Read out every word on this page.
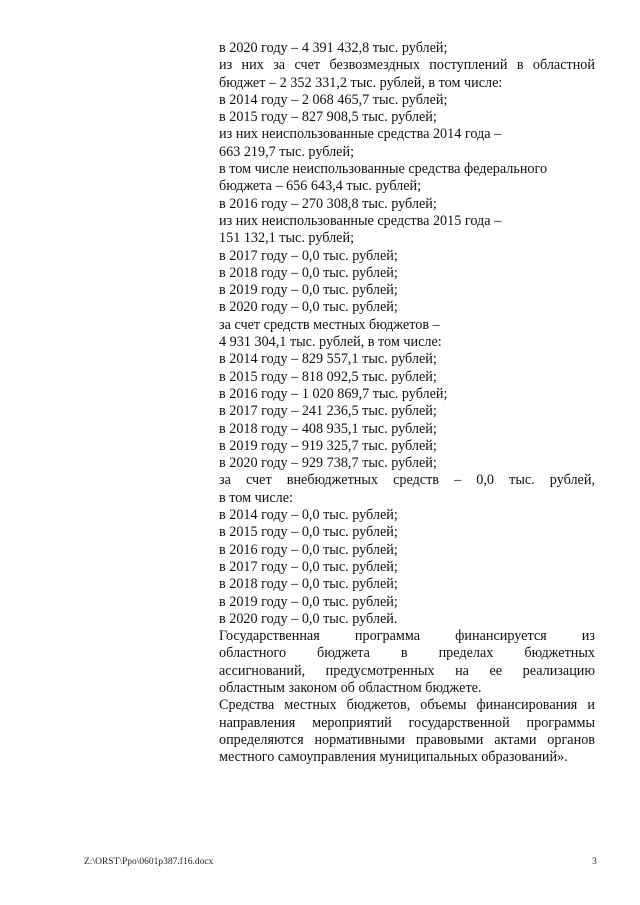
в 2020 году – 4 391 432,8 тыс. рублей;
из них за счет безвозмездных поступлений в областной
бюджет – 2 352 331,2 тыс. рублей, в том числе:
в 2014 году – 2 068 465,7 тыс. рублей;
в 2015 году – 827 908,5 тыс. рублей;
из них неиспользованные средства 2014 года –
663 219,7 тыс. рублей;
в том числе неиспользованные средства федерального
бюджета – 656 643,4 тыс. рублей;
в 2016 году – 270 308,8 тыс. рублей;
из них неиспользованные средства 2015 года –
151 132,1 тыс. рублей;
в 2017 году – 0,0 тыс. рублей;
в 2018 году – 0,0 тыс. рублей;
в 2019 году – 0,0 тыс. рублей;
в 2020 году – 0,0 тыс. рублей;
за счет средств местных бюджетов –
4 931 304,1 тыс. рублей, в том числе:
в 2014 году – 829 557,1 тыс. рублей;
в 2015 году – 818 092,5 тыс. рублей;
в 2016 году – 1 020 869,7 тыс. рублей;
в 2017 году – 241 236,5 тыс. рублей;
в 2018 году – 408 935,1 тыс. рублей;
в 2019 году – 919 325,7 тыс. рублей;
в 2020 году – 929 738,7 тыс. рублей;
за счет внебюджетных средств – 0,0 тыс. рублей,
в том числе:
в 2014 году – 0,0 тыс. рублей;
в 2015 году – 0,0 тыс. рублей;
в 2016 году – 0,0 тыс. рублей;
в 2017 году – 0,0 тыс. рублей;
в 2018 году – 0,0 тыс. рублей;
в 2019 году – 0,0 тыс. рублей;
в 2020 году – 0,0 тыс. рублей.
Государственная программа финансируется из
областного бюджета в пределах бюджетных
ассигнований, предусмотренных на ее реализацию
областным законом об областном бюджете.
Средства местных бюджетов, объемы финансирования и
направления мероприятий государственной программы
определяются нормативными правовыми актами органов
местного самоуправления муниципальных образований».
Z:\ORST\Ppo\0601p387.f16.docx	3
